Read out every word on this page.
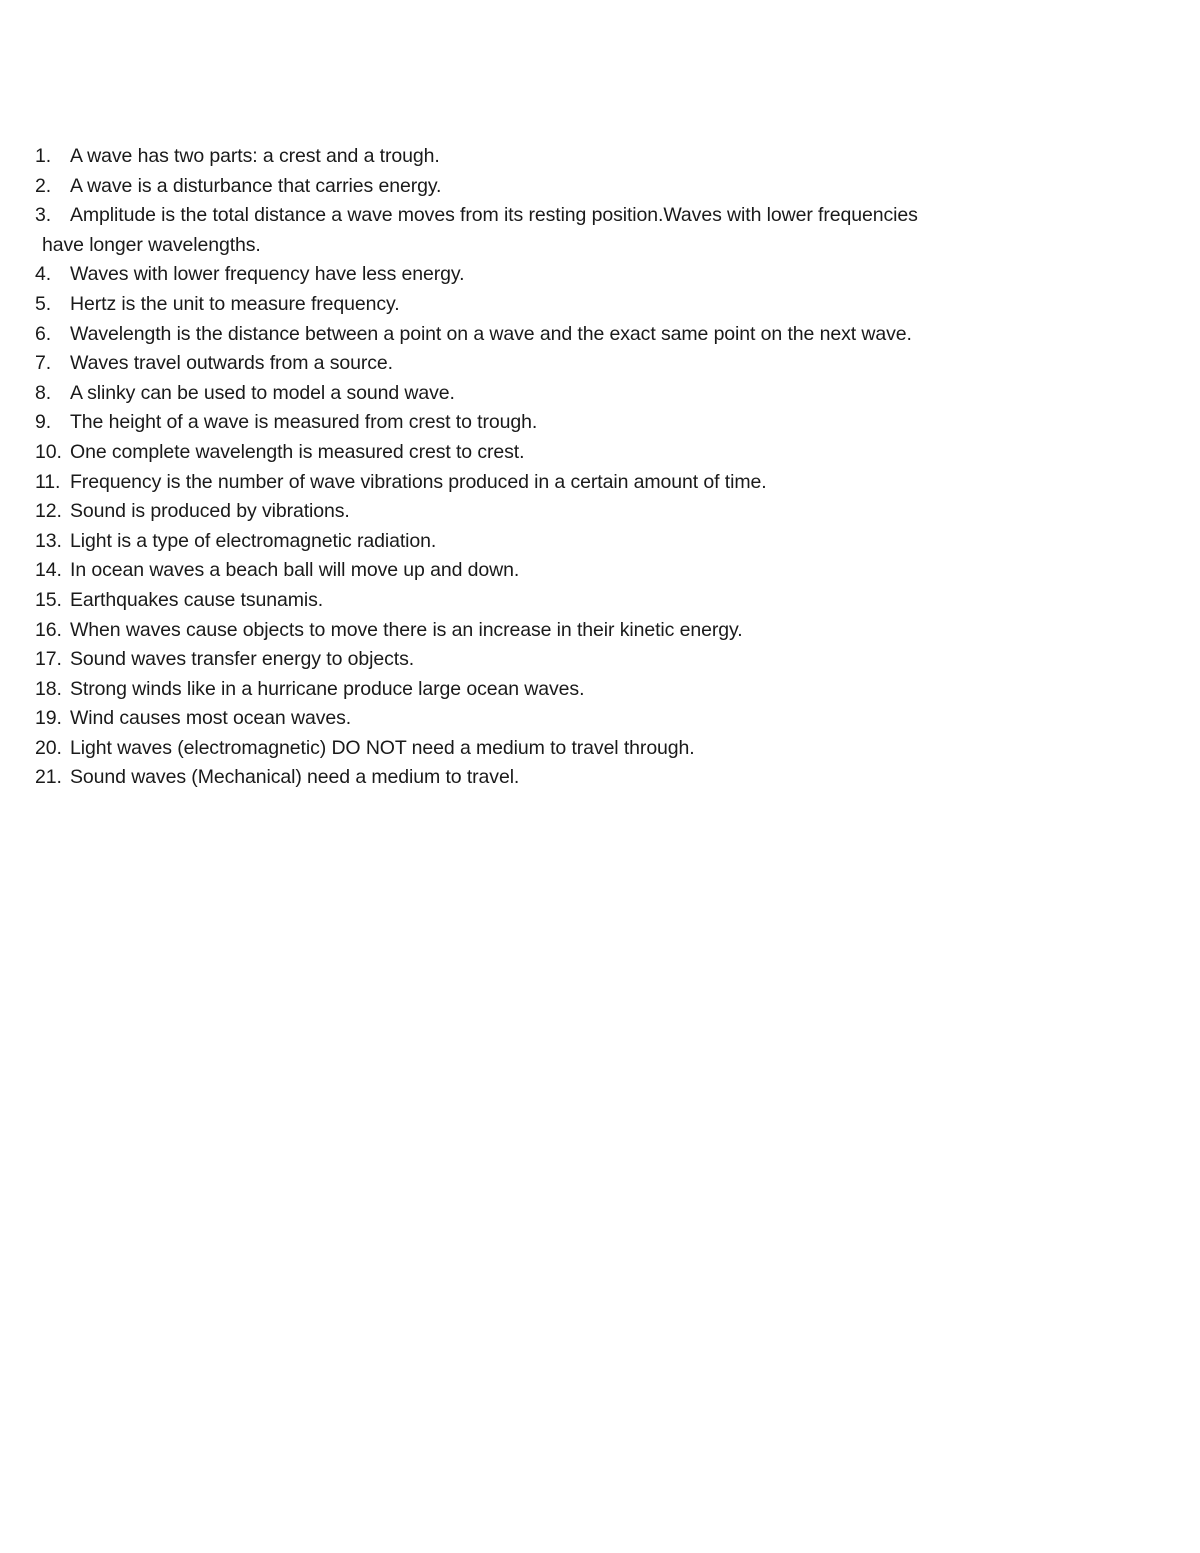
1. A wave has two parts: a crest and a trough.
2. A wave is a disturbance that carries energy.
3. Amplitude is the total distance a wave moves from its resting position.Waves with lower frequencies
have longer wavelengths.
4. Waves with lower frequency have less energy.
5. Hertz is the unit to measure frequency.
6. Wavelength is the distance between a point on a wave and the exact same point on the next wave.
7. Waves travel outwards from a source.
8. A slinky can be used to model a sound wave.
9. The height of a wave is measured from crest to trough.
10. One complete wavelength is measured crest to crest.
11. Frequency is the number of wave vibrations produced in a certain amount of time.
12. Sound is produced by vibrations.
13. Light is a type of electromagnetic radiation.
14. In ocean waves a beach ball will move up and down.
15. Earthquakes cause tsunamis.
16. When waves cause objects to move there is an increase in their kinetic energy.
17. Sound waves transfer energy to objects.
18. Strong winds like in a hurricane produce large ocean waves.
19. Wind causes most ocean waves.
20. Light waves (electromagnetic) DO NOT need a medium to travel through.
21. Sound waves (Mechanical) need a medium to travel.
